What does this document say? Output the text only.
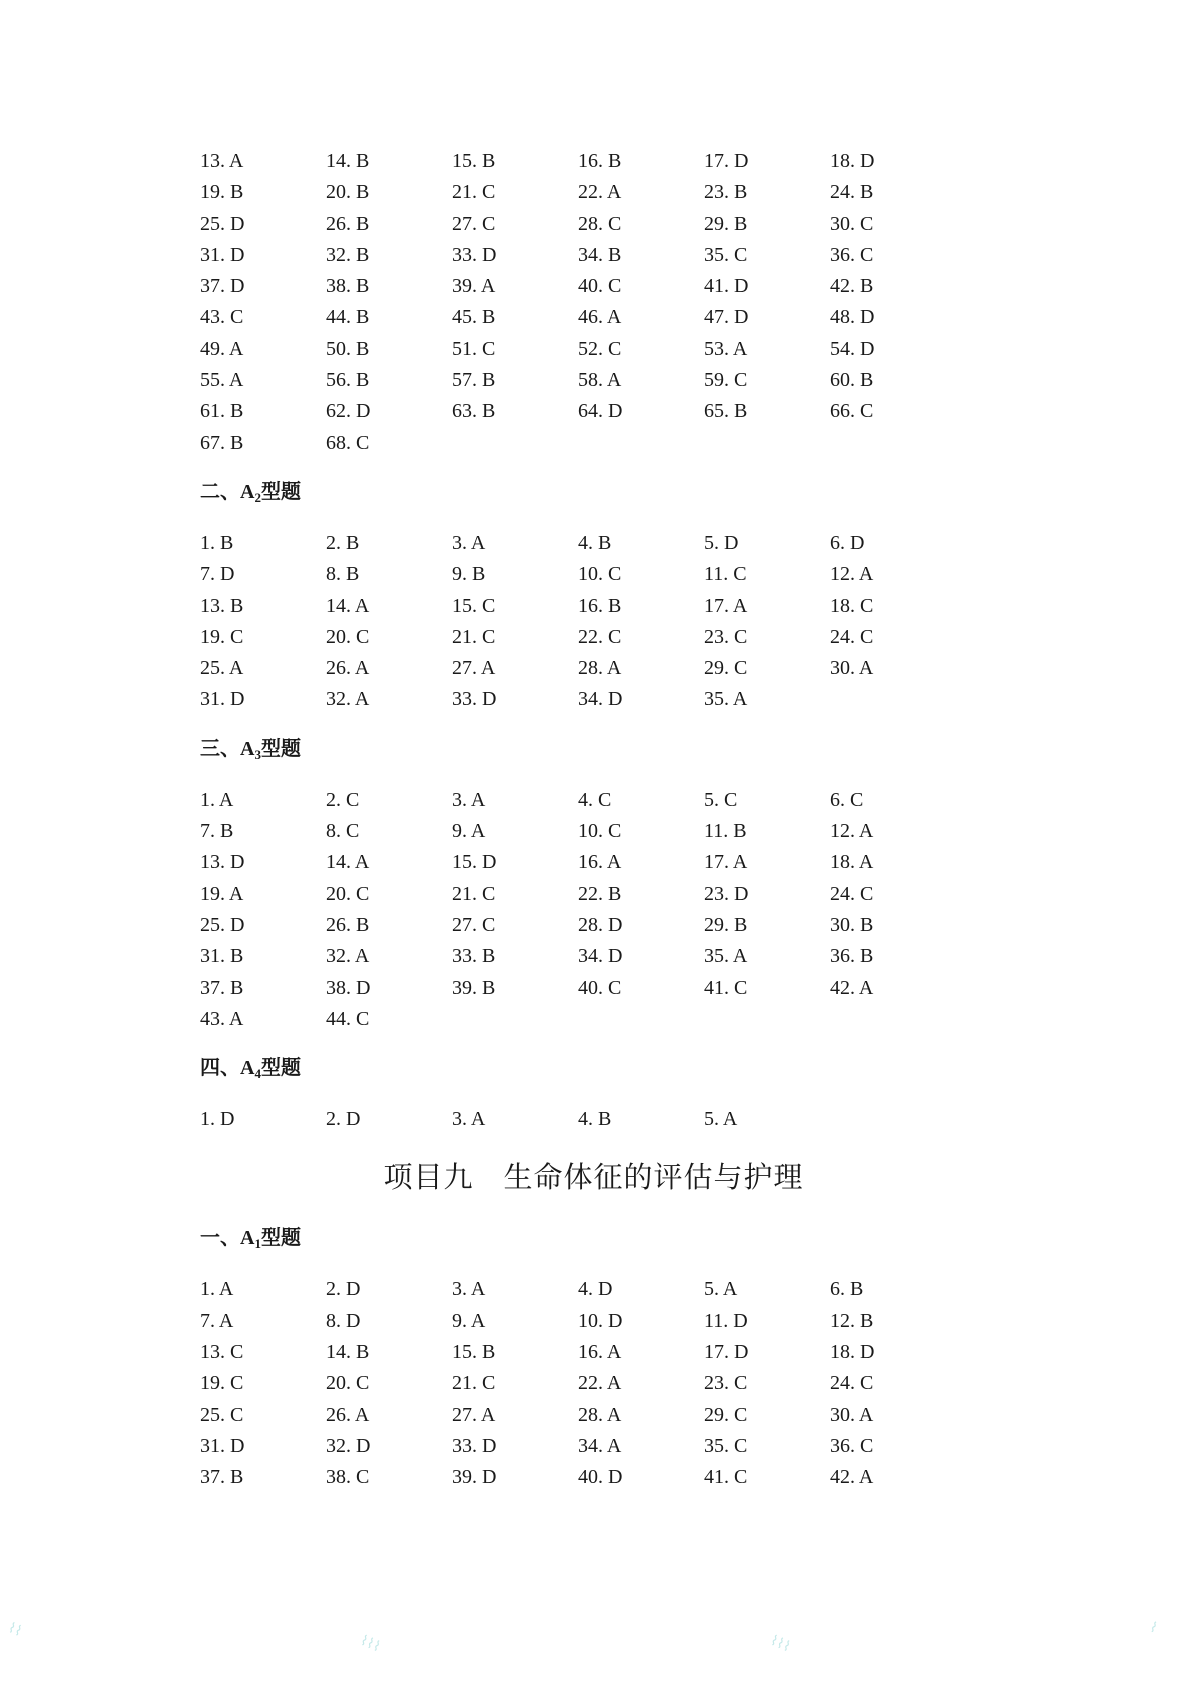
13. A	14. B	15. B	16. B	17. D	18. D
19. B	20. B	21. C	22. A	23. B	24. B
25. D	26. B	27. C	28. C	29. B	30. C
31. D	32. B	33. D	34. B	35. C	36. C
37. D	38. B	39. A	40. C	41. D	42. B
43. C	44. B	45. B	46. A	47. D	48. D
49. A	50. B	51. C	52. C	53. A	54. D
55. A	56. B	57. B	58. A	59. C	60. B
61. B	62. D	63. B	64. D	65. B	66. C
67. B	68. C
二、$A_2$型题
1. B	2. B	3. A	4. B	5. D	6. D
7. D	8. B	9. B	10. C	11. C	12. A
13. B	14. A	15. C	16. B	17. A	18. C
19. C	20. C	21. C	22. C	23. C	24. C
25. A	26. A	27. A	28. A	29. C	30. A
31. D	32. A	33. D	34. D	35. A
三、$A_3$型题
1. A	2. C	3. A	4. C	5. C	6. C
7. B	8. C	9. A	10. C	11. B	12. A
13. D	14. A	15. D	16. A	17. A	18. A
19. A	20. C	21. C	22. B	23. D	24. C
25. D	26. B	27. C	28. D	29. B	30. B
31. B	32. A	33. B	34. D	35. A	36. B
37. B	38. D	39. B	40. C	41. C	42. A
43. A	44. C
四、$A_4$型题
1. D	2. D	3. A	4. B	5. A
项目九　生命体征的评估与护理
一、$A_1$型题
1. A	2. D	3. A	4. D	5. A	6. B
7. A	8. D	9. A	10. D	11. D	12. B
13. C	14. B	15. B	16. A	17. D	18. D
19. C	20. C	21. C	22. A	23. C	24. C
25. C	26. A	27. A	28. A	29. C	30. A
31. D	32. D	33. D	34. A	35. C	36. C
37. B	38. C	39. D	40. D	41. C	42. A
⌇⌇
⌇⌇⌇	⌇⌇⌇
⌇
